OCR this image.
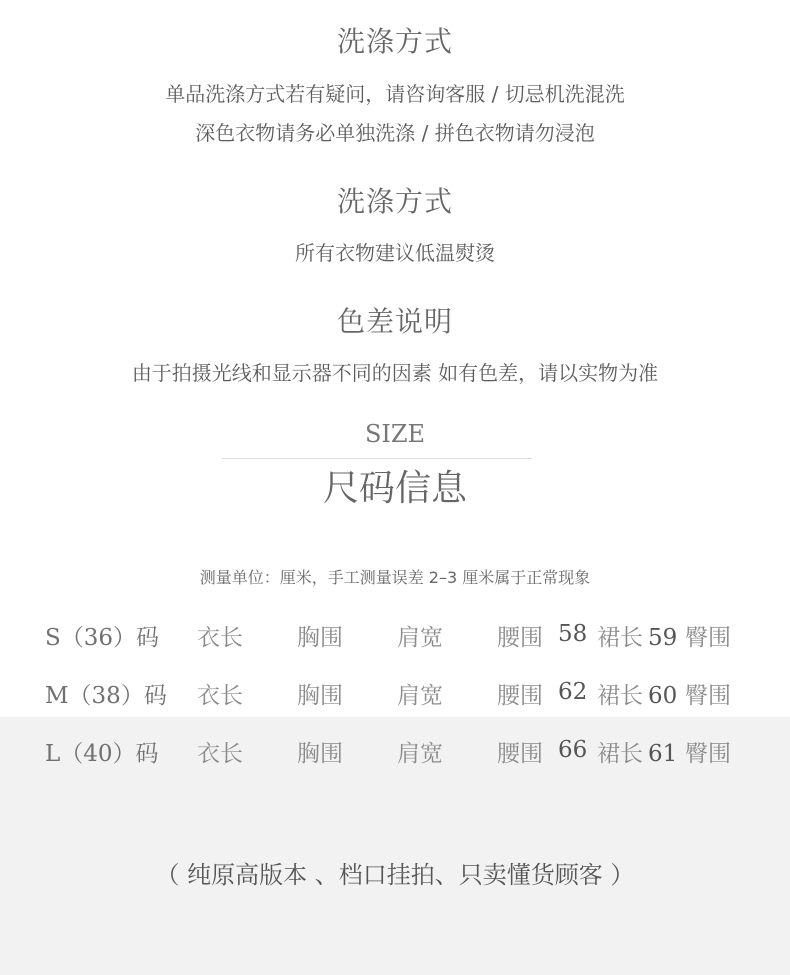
洗涤方式
单品洗涤方式若有疑问，请咨询客服 / 切忌机洗混洗
深色衣物请务必单独洗涤 / 拼色衣物请勿浸泡
洗涤方式
所有衣物建议低温熨烫
色差说明
由于拍摄光线和显示器不同的因素 如有色差，请以实物为准
SIZE
尺码信息
测量单位：厘米，手工测量误差 2–3 厘米属于正常现象
S（36）码 衣长 胸围 肩宽 腰围 58 裙长 59 臀围
M（38）码 衣长 胸围 肩宽 腰围 62 裙长 60 臀围
L（40）码 衣长 胸围 肩宽 腰围 66 裙长 61 臀围
（ 纯原高版本 、档口挂拍、只卖懂货顾客 ）
